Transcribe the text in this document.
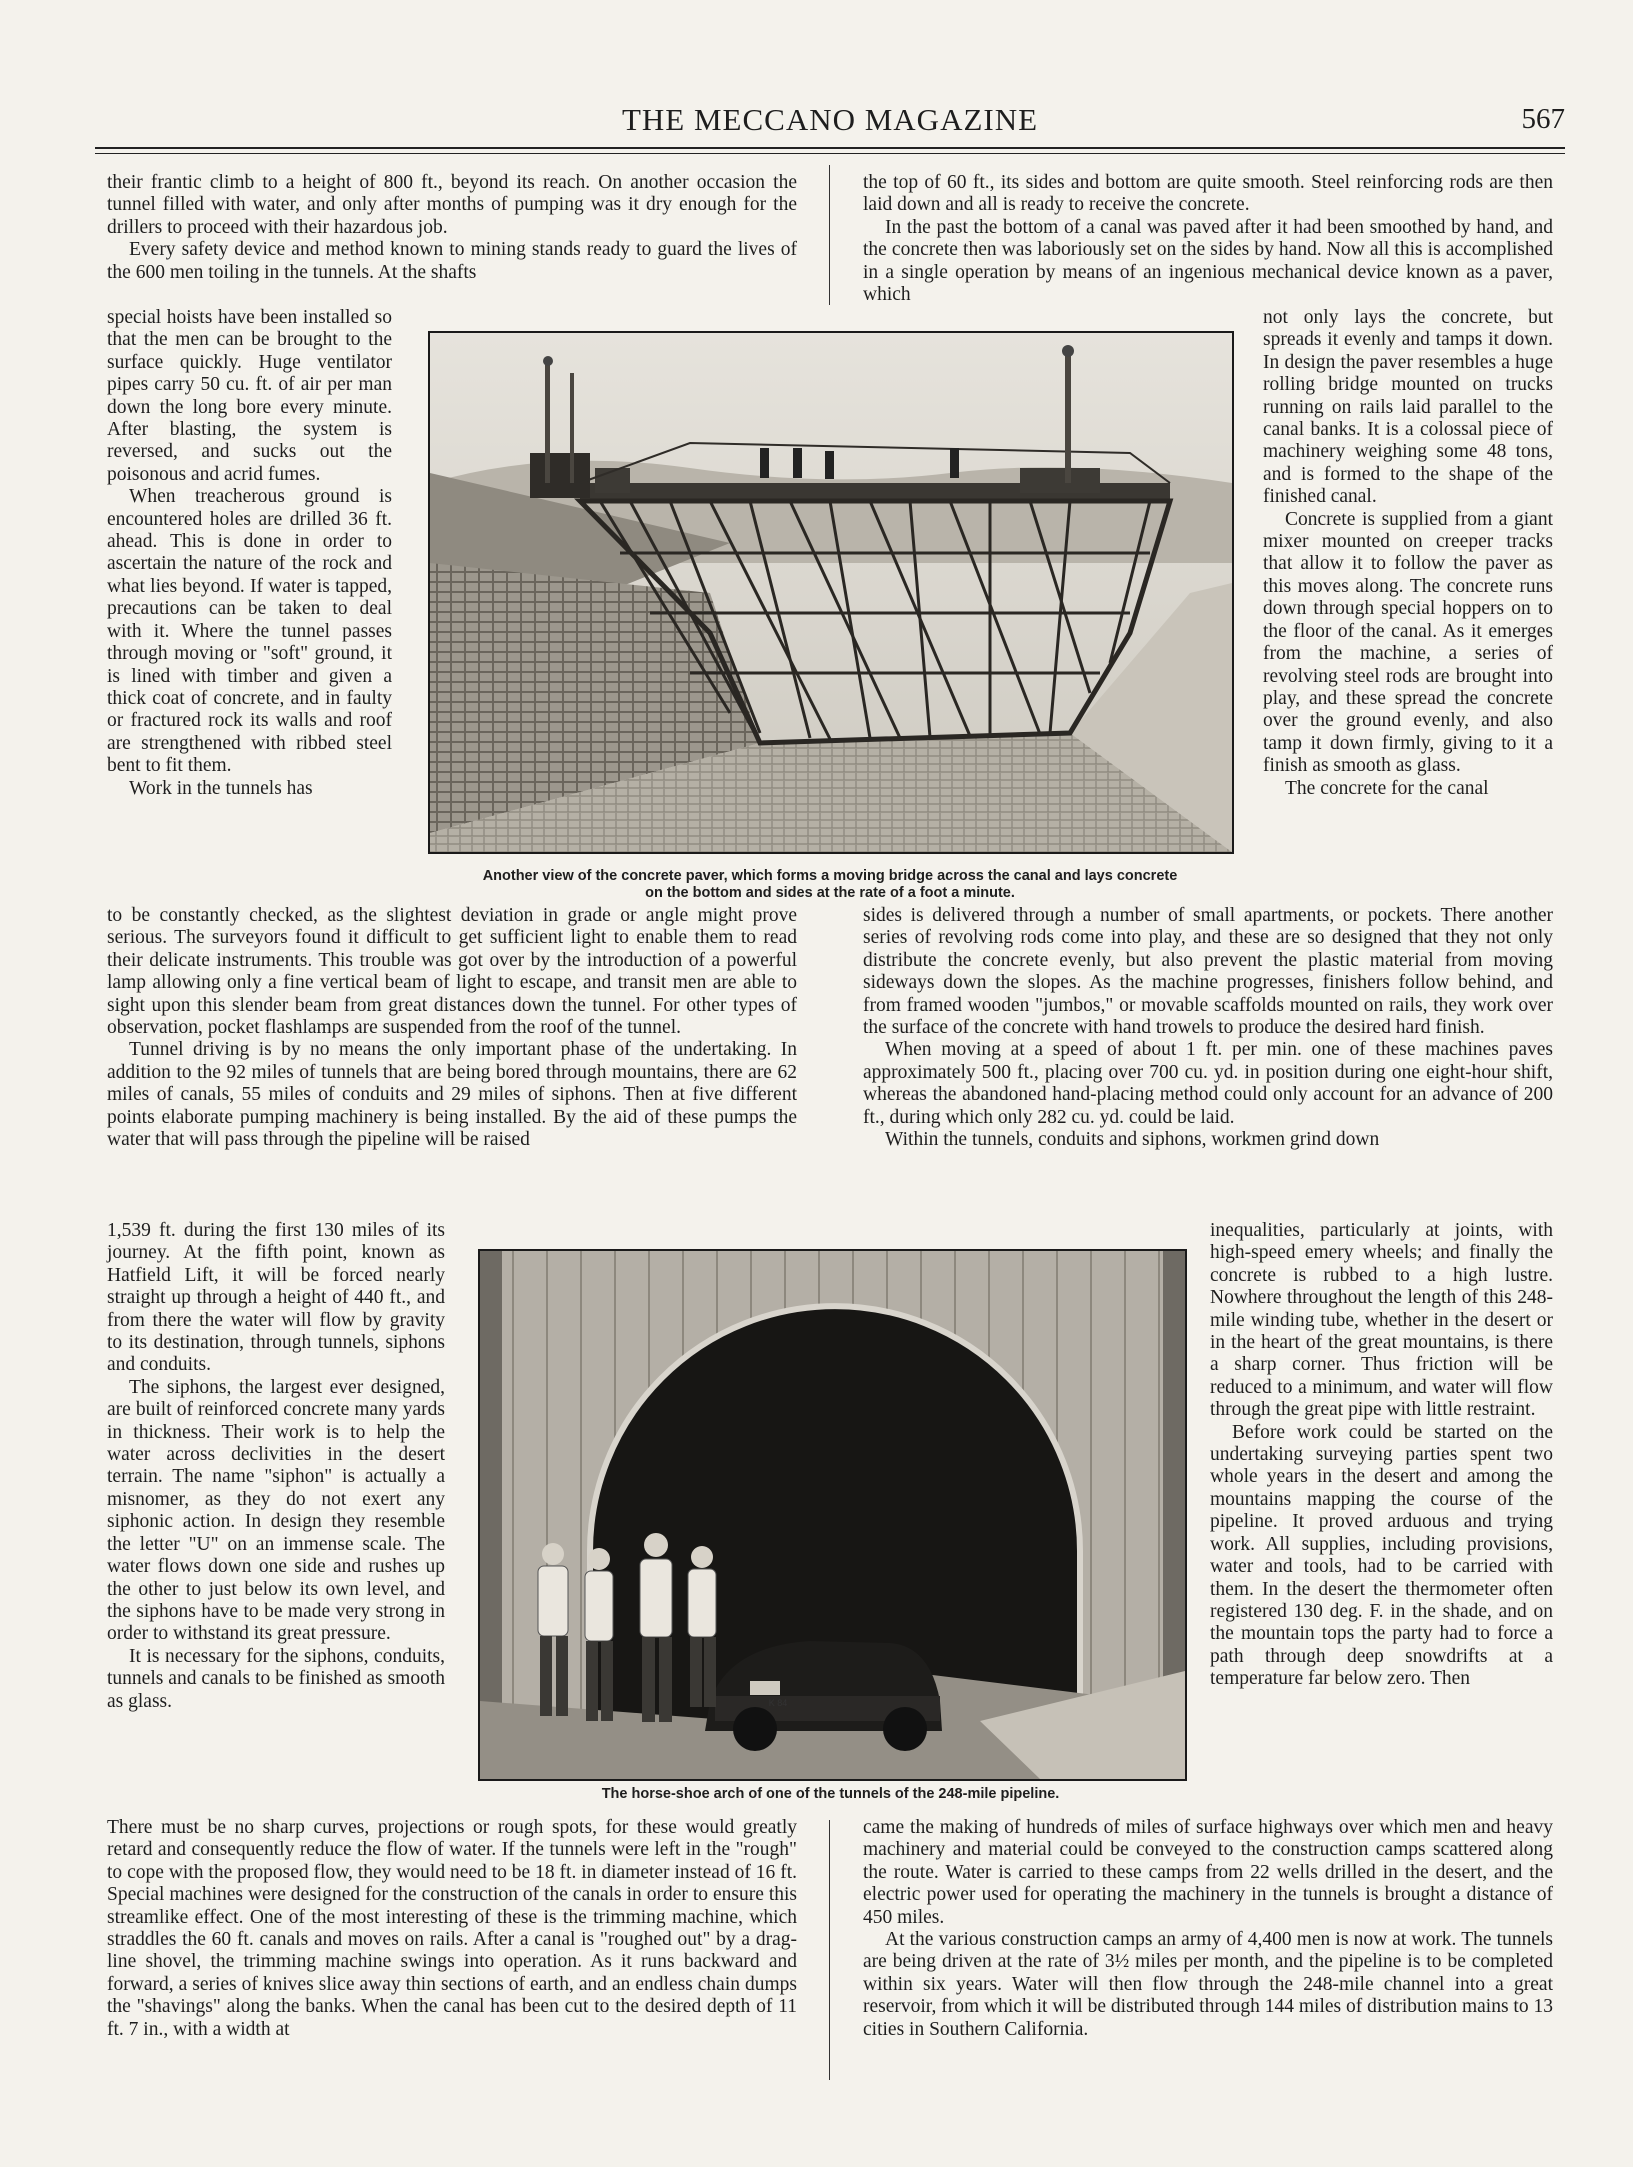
THE MECCANO MAGAZINE	567

their frantic climb to a height of 800 ft., beyond its reach. On another occasion the tunnel filled with water, and only after months of pumping was it dry enough for the drillers to proceed with their hazardous job.

Every safety device and method known to mining stands ready to guard the lives of the 600 men toiling in the tunnels. At the shafts

special hoists have been installed so that the men can be brought to the surface quickly. Huge ventilator pipes carry 50 cu. ft. of air per man down the long bore every minute. After blasting, the system is reversed, and sucks out the poisonous and acrid fumes.

When treacherous ground is encountered holes are drilled 36 ft. ahead. This is done in order to ascertain the nature of the rock and what lies beyond. If water is tapped, precautions can be taken to deal with it. Where the tunnel passes through moving or "soft" ground, it is lined with timber and given a thick coat of concrete, and in faulty or fractured rock its walls and roof are strengthened with ribbed steel bent to fit them.

Work in the tunnels has

to be constantly checked, as the slightest deviation in grade or angle might prove serious. The surveyors found it difficult to get sufficient light to enable them to read their delicate instruments. This trouble was got over by the introduction of a powerful lamp allowing only a fine vertical beam of light to escape, and transit men are able to sight upon this slender beam from great distances down the tunnel. For other types of observation, pocket flashlamps are suspended from the roof of the tunnel.

Tunnel driving is by no means the only important phase of the undertaking. In addition to the 92 miles of tunnels that are being bored through mountains, there are 62 miles of canals, 55 miles of conduits and 29 miles of siphons. Then at five different points elaborate pumping machinery is being installed. By the aid of these pumps the water that will pass through the pipeline will be raised

1,539 ft. during the first 130 miles of its journey. At the fifth point, known as Hatfield Lift, it will be forced nearly straight up through a height of 440 ft., and from there the water will flow by gravity to its destination, through tunnels, siphons and conduits.

The siphons, the largest ever designed, are built of reinforced concrete many yards in thickness. Their work is to help the water across declivities in the desert terrain. The name "siphon" is actually a misnomer, as they do not exert any siphonic action. In design they resemble the letter "U" on an immense scale. The water flows down one side and rushes up the other to just below its own level, and the siphons have to be made very strong in order to withstand its great pressure.

It is necessary for the siphons, conduits, tunnels and canals to be finished as smooth as glass.

There must be no sharp curves, projections or rough spots, for these would greatly retard and consequently reduce the flow of water. If the tunnels were left in the "rough" to cope with the proposed flow, they would need to be 18 ft. in diameter instead of 16 ft. Special machines were designed for the construction of the canals in order to ensure this streamlike effect. One of the most interesting of these is the trimming machine, which straddles the 60 ft. canals and moves on rails. After a canal is "roughed out" by a drag-line shovel, the trimming machine swings into operation. As it runs backward and forward, a series of knives slice away thin sections of earth, and an endless chain dumps the "shavings" along the banks. When the canal has been cut to the desired depth of 11 ft. 7 in., with a width at

the top of 60 ft., its sides and bottom are quite smooth. Steel reinforcing rods are then laid down and all is ready to receive the concrete.

In the past the bottom of a canal was paved after it had been smoothed by hand, and the concrete then was laboriously set on the sides by hand. Now all this is accomplished in a single operation by means of an ingenious mechanical device known as a paver, which

not only lays the concrete, but spreads it evenly and tamps it down. In design the paver resembles a huge rolling bridge mounted on trucks running on rails laid parallel to the canal banks. It is a colossal piece of machinery weighing some 48 tons, and is formed to the shape of the finished canal.

Concrete is supplied from a giant mixer mounted on creeper tracks that allow it to follow the paver as this moves along. The concrete runs down through special hoppers on to the floor of the canal. As it emerges from the machine, a series of revolving steel rods are brought into play, and these spread the concrete over the ground evenly, and also tamp it down firmly, giving to it a finish as smooth as glass.

The concrete for the canal

sides is delivered through a number of small apartments, or pockets. There another series of revolving rods come into play, and these are so designed that they not only distribute the concrete evenly, but also prevent the plastic material from moving sideways down the slopes. As the machine progresses, finishers follow behind, and from framed wooden "jumbos," or movable scaffolds mounted on rails, they work over the surface of the concrete with hand trowels to produce the desired hard finish.

When moving at a speed of about 1 ft. per min. one of these machines paves approximately 500 ft., placing over 700 cu. yd. in position during one eight-hour shift, whereas the abandoned hand-placing method could only account for an advance of 200 ft., during which only 282 cu. yd. could be laid.

Within the tunnels, conduits and siphons, workmen grind down

inequalities, particularly at joints, with high-speed emery wheels; and finally the concrete is rubbed to a high lustre. Nowhere throughout the length of this 248-mile winding tube, whether in the desert or in the heart of the great mountains, is there a sharp corner. Thus friction will be reduced to a minimum, and water will flow through the great pipe with little restraint.

Before work could be started on the undertaking surveying parties spent two whole years in the desert and among the mountains mapping the course of the pipeline. It proved arduous and trying work. All supplies, including provisions, water and tools, had to be carried with them. In the desert the thermometer often registered 130 deg. F. in the shade, and on the mountain tops the party had to force a path through deep snowdrifts at a temperature far below zero. Then

came the making of hundreds of miles of surface highways over which men and heavy machinery and material could be conveyed to the construction camps scattered along the route. Water is carried to these camps from 22 wells drilled in the desert, and the electric power used for operating the machinery in the tunnels is brought a distance of 450 miles.

At the various construction camps an army of 4,400 men is now at work. The tunnels are being driven at the rate of 3½ miles per month, and the pipeline is to be completed within six years. Water will then flow through the 248-mile channel into a great reservoir, from which it will be distributed through 144 miles of distribution mains to 13 cities in Southern California.

Another view of the concrete paver, which forms a moving bridge across the canal and lays concrete
on the bottom and sides at the rate of a foot a minute.
K 84
The horse-shoe arch of one of the tunnels of the 248-mile pipeline.
